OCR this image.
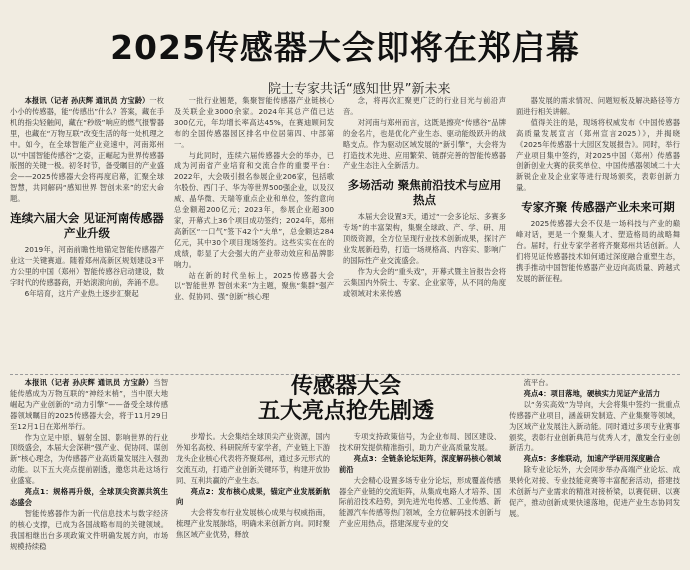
2025传感器大会即将在郑启幕
院士专家共话“感知世界”新未来

本报讯（记者 孙庆辉 通讯员 方宝龄）一枚小小的传感器，能“传感出”什么？答案，藏在手机的指尖轻触间，藏在“秒级”响应的燃气报警器里，也藏在“万物互联”改变生活的每一处机理之中。如今，在全球智能产业竞速中，河南郑州以“中国智能传感谷”之姿，正崛起为世界传感器版图的关键一极。初冬时节，备受瞩目的产业盛会——2025传感器大会将再度启幕，汇聚全球智慧，共同解码“感知世界 智创未来”的宏大命题。

连续六届大会 见证河南传感器产业升级

2019年，河南前瞻性地锚定智能传感器产业这一关键赛道。随着郑州高新区规划建设3平方公里的中国（郑州）智能传感谷启动建设，数字时代的传感器商，开始滚滚向前，奔涌不息。

6年培育，这片产业热土逐步汇聚起

一批行业翘楚，集聚智能传感器产业链核心及关联企业3000余家。2024年其总产值已达300亿元，年均增长率高达45%，在赛迪顾问发布的全国传感器园区排名中位居第四、中部第一。

与此同时，连续六届传感器大会的举办，已成为河南省产业培育和交流合作的重要平台：2022年，大会吸引报名参展企业206家，包括歌尔股份、西门子、华为等世界500强企业，以及汉威、晶华微、天瑞等重点企业和单位，签约意向总金额超200亿元；2023年，参展企业超300家，开幕式上36个项目成功签约；2024年，郑州高新区“一口气”签下42个“大单”，总金额达284亿元，其中30个项目现场签约。这些实实在在的成绩，彰显了大会强大的产业带动效应和品牌影响力。

站在新的时代坐标上，2025传感器大会以“智能世界 智创未来”为主题，聚焦“集群”强产业、促协同、强“创新”核心理

念，将再次汇聚更广泛的行业目光与前沿声音。

对河南与郑州而言，这既是擦亮“传感谷”品牌的金名片，也是优化产业生态、驱动能级跃升的战略支点。作为驱动区域发展的“新引擎”，大会将为打造技术先进、应用繁荣、链群完善的智能传感器产业生态注入全新活力。

多场活动 聚焦前沿技术与应用热点

本届大会设置3天，通过“一会多论坛、多赛多专场”的丰富架构，集聚全球政、产、学、研、用顶级资源，全方位呈现行业技术创新成果，探讨产业发展新趋势，打造一场规格高、内容实、影响广的国际性产业交流盛会。

作为大会的“重头戏”，开幕式暨主旨报告会将云集国内外院士、专家、企业家等，从不同的角度或领域对未来传感

器发展的需求情况、问题短板及解决路径等方面进行相关讲解。

值得关注的是，现场将权威发布《中国传感器高质量发展宣言（郑州宣言2025）》，并揭晓《2025年传感器十大园区发展报告》。同时，举行产业项目集中签约，对2025中国（郑州）传感器创新创业大赛的获奖单位、中国传感器领域二十大新锐企业及企业家等进行现场颁奖，表彰创新力量。

专家齐聚 传感器产业未来可期

2025传感器大会不仅是一场科技与产业的巅峰对话，更是一个聚集人才、塑造格局的战略舞台。届时，行业专家学者将齐聚郑州共话创新。人们将见证传感器技术如何通过深度融合重塑生态，携手推动中国智能传感器产业迈向高质量、跨越式发展的新征程。

传感器大会
五大亮点抢先剧透

本报讯（记者 孙庆辉 通讯员 方宝龄）当智能传感成为万物互联的“神经末梢”，当中原大地崛起为产业创新的“动力引擎”——备受全球传感器领域瞩目的2025传感器大会，将于11月29日至12月1日在郑州举行。

作为立足中原、辐射全国、影响世界的行业顶级盛会，本届大会深耕“强产业、促协同、谋创新”核心理念，为传感器产业高质量发展注入强劲动能。以下五大亮点提前剧透，邀您共赴这场行业盛宴。

亮点1：规格再升级，全球顶尖资源共筑生态盛会

智能传感器作为新一代信息技术与数字经济的核心支撑，已成为各国战略布局的关键领域。我国相继出台多项政策文件明确发展方向，市场规模持续稳

步增长。大会集结全球顶尖产业资源，国内外知名高校、科研院所专家学者，产业链上下游龙头企业核心代表将齐聚郑州，通过多元形式的交流互动，打通产业创新关键环节，构建开放协同、互利共赢的产业生态。

亮点2：发布核心成果，锚定产业发展新航向

大会将发布行业发展核心成果与权威指南，梳理产业发展脉络，明确未来创新方向。同时聚焦区域产业优势，释放

专项支持政策信号，为企业布局、园区建设、技术研发提供精准指引，助力产业高质量发展。

亮点3：全链条论坛矩阵，深度解码核心领域前沿

大会精心设置多场专业分论坛，形成覆盖传感器全产业链的交流矩阵，从集成电路人才培养、国际前沿技术趋势，到先进光电传感、工业传感、新能源汽车传感等热门领域，全方位解码技术创新与产业应用热点，搭建深度专业的交

流平台。

亮点4：项目落地，硬核实力见证产业活力

以“务实高效”为导向，大会将集中签约一批重点传感器产业项目，涵盖研发制造、产业集聚等领域，为区域产业发展注入新动能。同时通过多项专业赛事颁奖，表彰行业创新典范与优秀人才，激发全行业创新活力。

亮点5：多维联动，加速产学研用深度融合

除专业论坛外，大会同步举办高端产业论坛、成果转化对接、专业技能竞赛等丰富配套活动，搭建技术创新与产业需求的精准对接桥梁，以赛促研、以赛促产，推动创新成果快速落地，促进产业生态协同发展。
